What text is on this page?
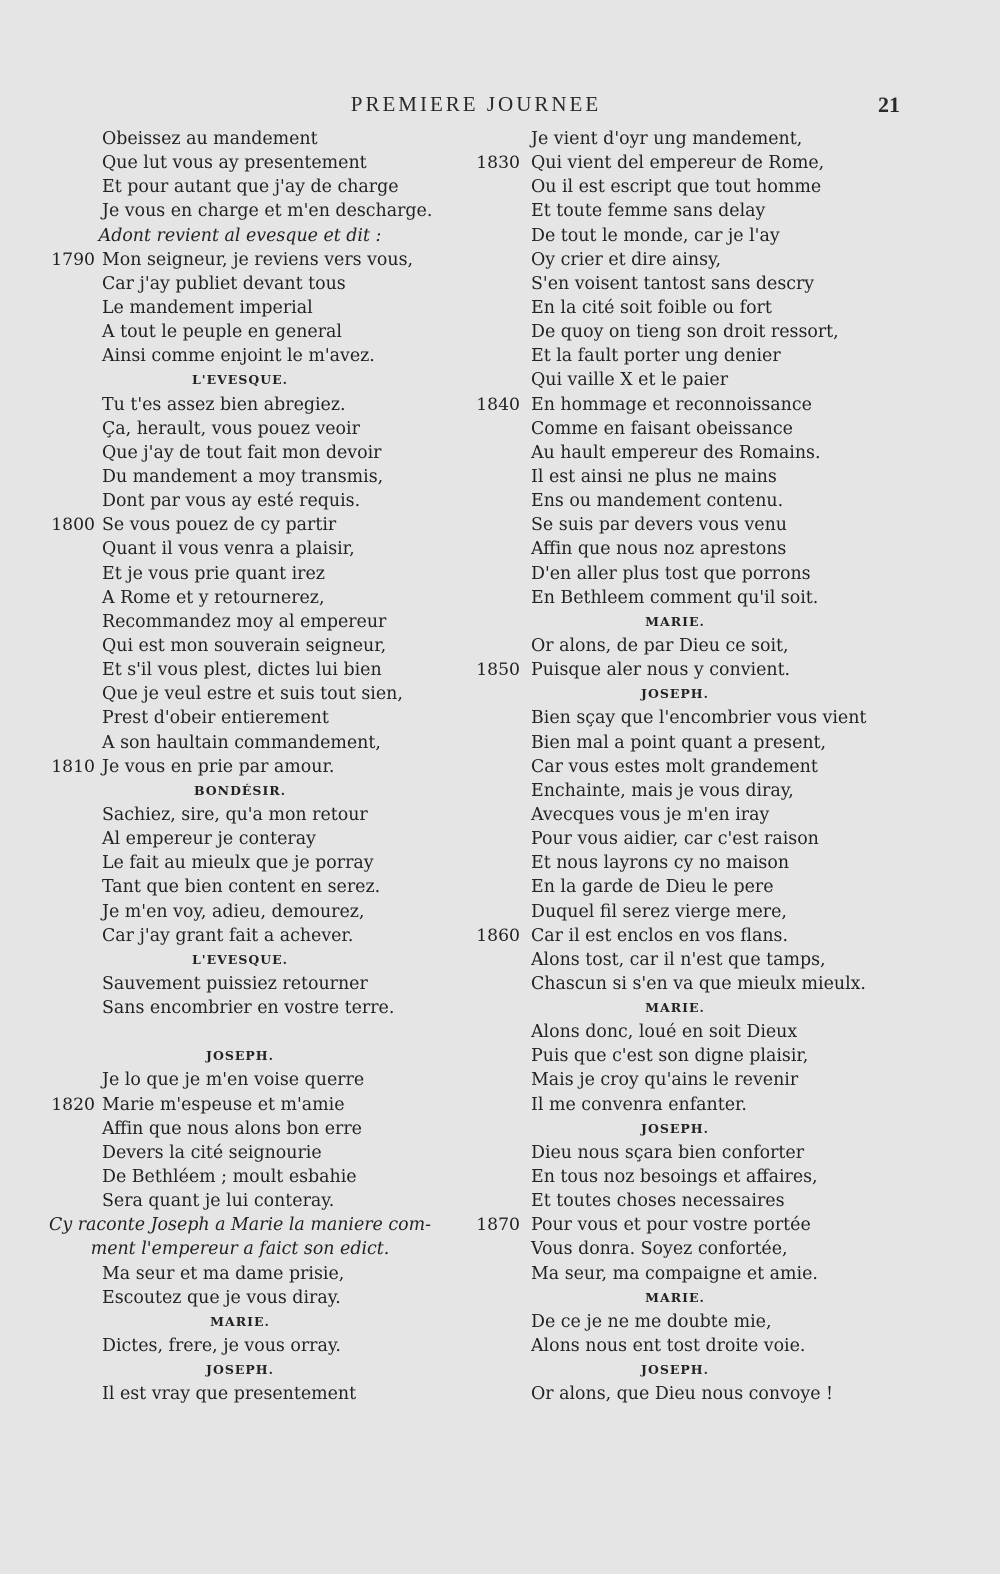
PREMIERE JOURNEE	21
Obeissez au mandement
Que lut vous ay presentement
Et pour autant que j'ay de charge
Je vous en charge et m'en descharge.
Adont revient al evesque et dit :
1790 Mon seigneur, je reviens vers vous,
Car j'ay publiet devant tous
Le mandement imperial
A tout le peuple en general
Ainsi comme enjoint le m'avez.
L'EVESQUE.
Tu t'es assez bien abregiez.
Ça, herault, vous pouez veoir
Que j'ay de tout fait mon devoir
Du mandement a moy transmis,
Dont par vous ay esté requis.
1800 Se vous pouez de cy partir
Quant il vous venra a plaisir,
Et je vous prie quant irez
A Rome et y retournerez,
Recommandez moy al empereur
Qui est mon souverain seigneur,
Et s'il vous plest, dictes lui bien
Que je veul estre et suis tout sien,
Prest d'obeir entierement
A son haultain commandement,
1810 Je vous en prie par amour.
BONDÉSIR.
Sachiez, sire, qu'a mon retour
Al empereur je conteray
Le fait au mieulx que je porray
Tant que bien content en serez.
Je m'en voy, adieu, demourez,
Car j'ay grant fait a achever.
L'EVESQUE.
Sauvement puissiez retourner
Sans encombrier en vostre terre.
JOSEPH.
Je lo que je m'en voise querre
1820 Marie m'espeuse et m'amie
Affin que nous alons bon erre
Devers la cité seignourie
De Bethléem ; moult esbahie
Sera quant je lui conteray.
Cy raconte Joseph a Marie la maniere com-
ment l'empereur a faict son edict.
Ma seur et ma dame prisie,
Escoutez que je vous diray.
MARIE.
Dictes, frere, je vous orray.
JOSEPH.
Il est vray que presentement
Je vient d'oyr ung mandement,
1830 Qui vient del empereur de Rome,
Ou il est escript que tout homme
Et toute femme sans delay
De tout le monde, car je l'ay
Oy crier et dire ainsy,
S'en voisent tantost sans descry
En la cité soit foible ou fort
De quoy on tieng son droit ressort,
Et la fault porter ung denier
Qui vaille X et le paier
1840 En hommage et reconnoissance
Comme en faisant obeissance
Au hault empereur des Romains.
Il est ainsi ne plus ne mains
Ens ou mandement contenu.
Se suis par devers vous venu
Affin que nous noz aprestons
D'en aller plus tost que porrons
En Bethleem comment qu'il soit.
MARIE.
Or alons, de par Dieu ce soit,
1850 Puisque aler nous y convient.
JOSEPH.
Bien sçay que l'encombrier vous vient
Bien mal a point quant a present,
Car vous estes molt grandement
Enchainte, mais je vous diray,
Avecques vous je m'en iray
Pour vous aidier, car c'est raison
Et nous layrons cy no maison
En la garde de Dieu le pere
Duquel fil serez vierge mere,
1860 Car il est enclos en vos flans.
Alons tost, car il n'est que tamps,
Chascun si s'en va que mieulx mieulx.
MARIE.
Alons donc, loué en soit Dieux
Puis que c'est son digne plaisir,
Mais je croy qu'ains le revenir
Il me convenra enfanter.
JOSEPH.
Dieu nous sçara bien conforter
En tous noz besoings et affaires,
Et toutes choses necessaires
1870 Pour vous et pour vostre portée
Vous donra. Soyez confortée,
Ma seur, ma compaigne et amie.
MARIE.
De ce je ne me doubte mie,
Alons nous ent tost droite voie.
JOSEPH.
Or alons, que Dieu nous convoye !
